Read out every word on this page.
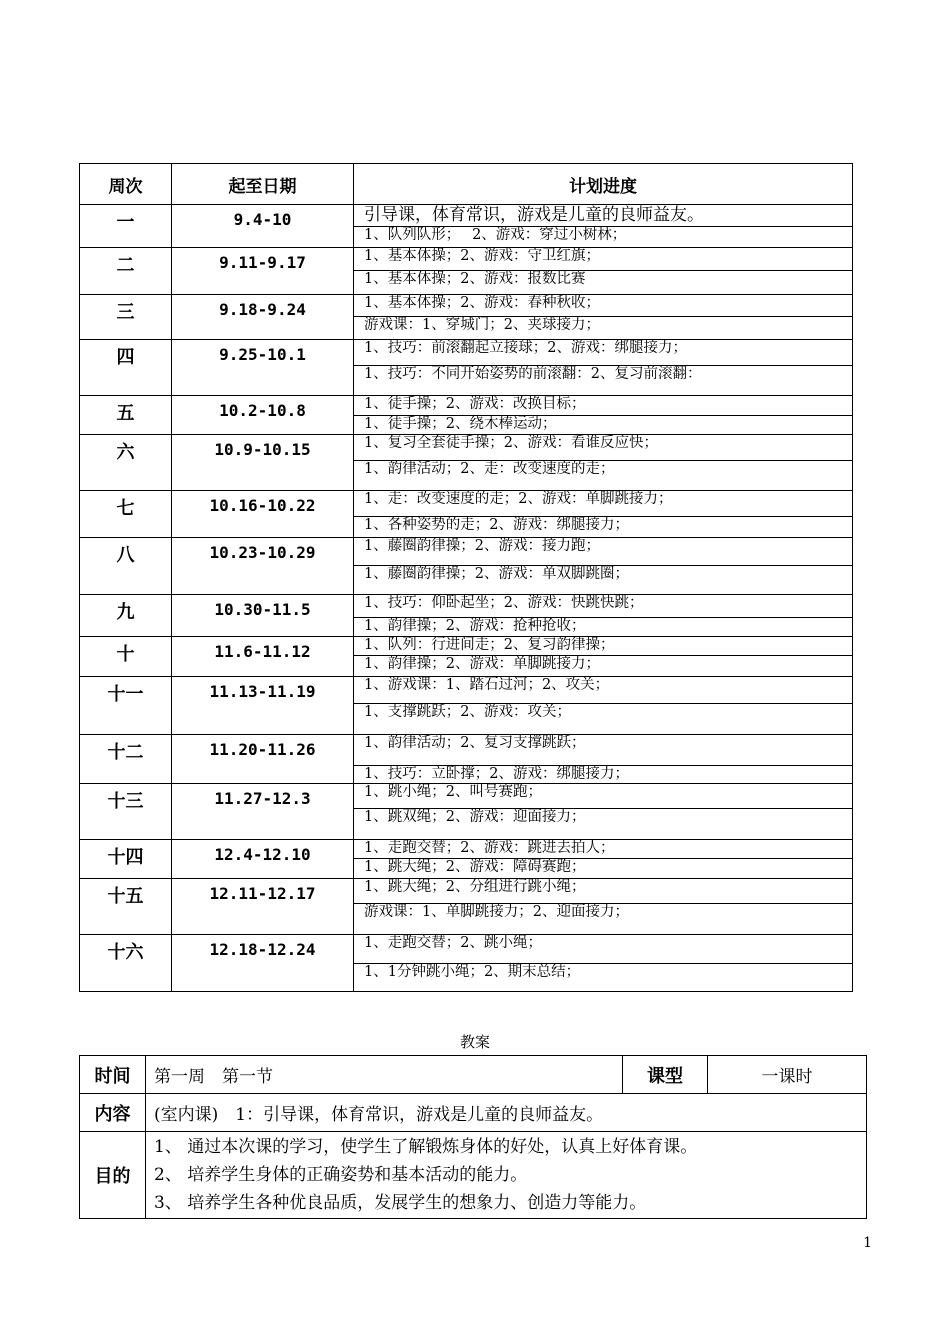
周次	起至日期	计划进度
一	9.4-10	引导课，体育常识，游戏是儿童的良师益友。
		1、队列队形；　 2、游戏：穿过小树林；
二	9.11-9.17	1、基本体操；2、游戏：守卫红旗；
		1、基本体操；2、游戏：报数比赛
三	9.18-9.24	1、基本体操；2、游戏：春种秋收；
		游戏课：1、穿城门；2、夹球接力；
四	9.25-10.1	1、技巧：前滚翻起立接球；2、游戏：绑腿接力；
		1、技巧：不同开始姿势的前滚翻：2、复习前滚翻：
五	10.2-10.8	1、徒手操；2、游戏：改换目标；
		1、徒手操；2、绕木棒运动；
六	10.9-10.15	1、复习全套徒手操；2、游戏：看谁反应快；
		1、韵律活动；2、走：改变速度的走；
七	10.16-10.22	1、走：改变速度的走；2、游戏：单脚跳接力；
		1、各种姿势的走；2、游戏：绑腿接力；
八	10.23-10.29	1、藤圈韵律操；2、游戏：接力跑；
		1、藤圈韵律操；2、游戏：单双脚跳圈；
九	10.30-11.5	1、技巧：仰卧起坐；2、游戏：快跳快跳；
		1、韵律操；2、游戏：抢种抢收；
十	11.6-11.12	1、队列：行进间走；2、复习韵律操；
		1、韵律操；2、游戏：单脚跳接力；
十一	11.13-11.19	1、游戏课：1、踏石过河；2、攻关；
		1、支撑跳跃；2、游戏：攻关；
十二	11.20-11.26	1、韵律活动；2、复习支撑跳跃；
		1、技巧：立卧撑；2、游戏：绑腿接力；
十三	11.27-12.3	1、跳小绳；2、叫号赛跑；
		1、跳双绳；2、游戏：迎面接力；
十四	12.4-12.10	1、走跑交替；2、游戏：跳进去拍人；
		1、跳大绳；2、游戏：障碍赛跑；
十五	12.11-12.17	1、跳大绳；2、分组进行跳小绳；
		游戏课：1、单脚跳接力；2、迎面接力；
十六	12.18-12.24	1、走跑交替；2、跳小绳；
		1、1分钟跳小绳；2、期末总结；
教案
时间	第一周　第一节	课型	一课时
内容	(室内课)　1：引导课，体育常识，游戏是儿童的良师益友。		
目的	1、 通过本次课的学习，使学生了解锻炼身体的好处，认真上好体育课。
2、 培养学生身体的正确姿势和基本活动的能力。
3、 培养学生各种优良品质，发展学生的想象力、创造力等能力。		
1
